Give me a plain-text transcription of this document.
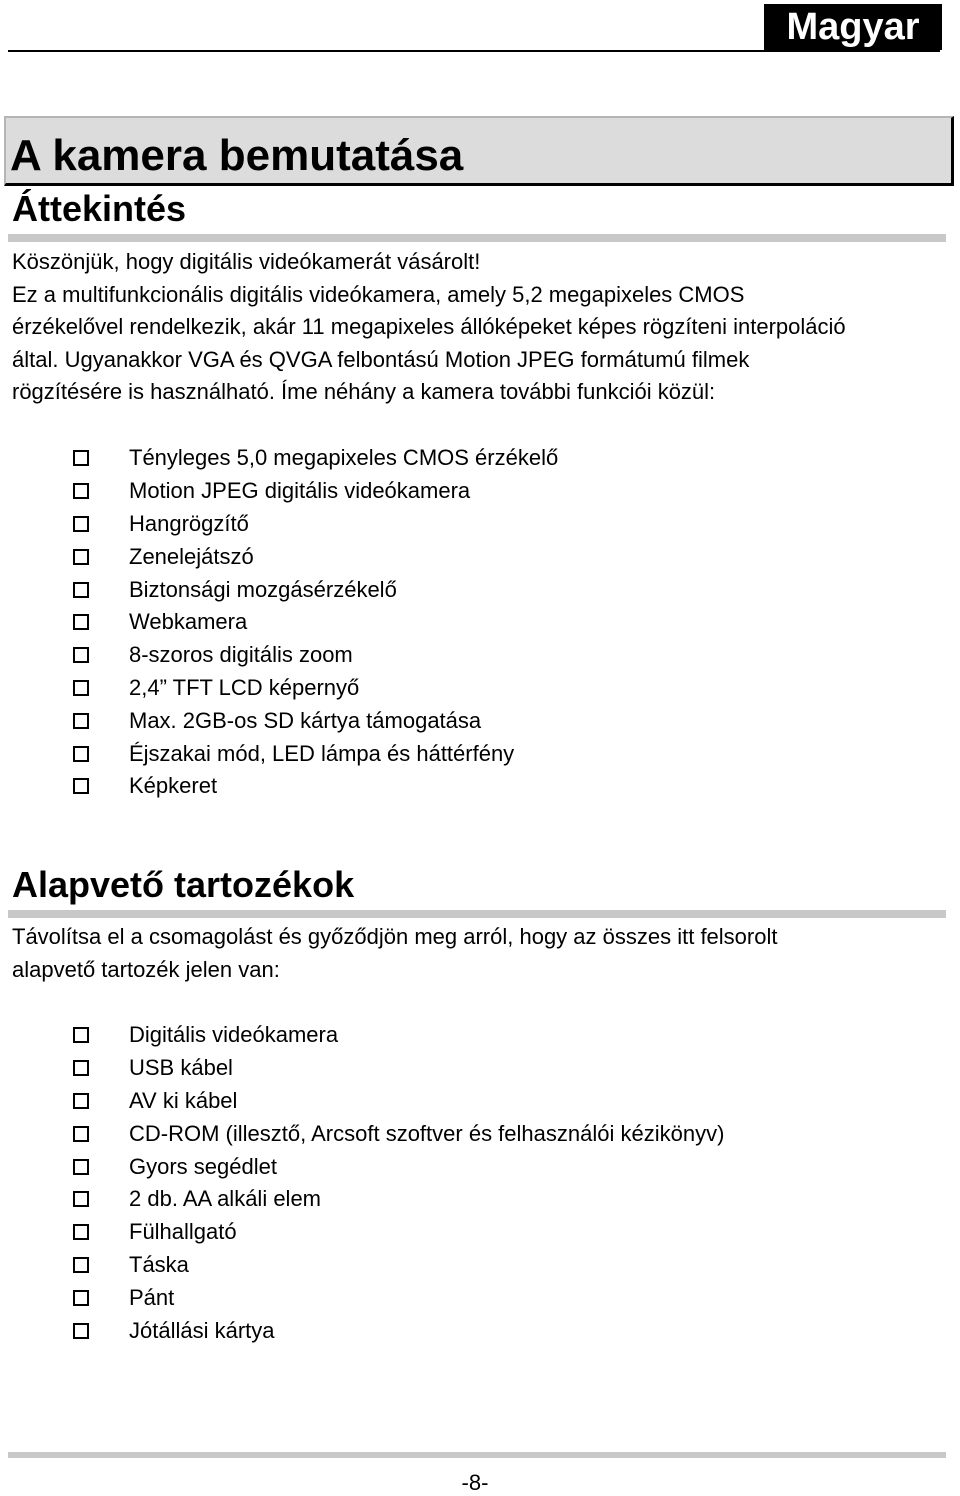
Magyar
A kamera bemutatása
Áttekintés

Köszönjük, hogy digitális videókamerát vásárolt!
Ez a multifunkcionális digitális videókamera, amely 5,2 megapixeles CMOS
érzékelővel rendelkezik, akár 11 megapixeles állóképeket képes rögzíteni interpoláció
által. Ugyanakkor VGA és QVGA felbontású Motion JPEG formátumú filmek
rögzítésére is használható. Íme néhány a kamera további funkciói közül:

Tényleges 5,0 megapixeles CMOS érzékelő
Motion JPEG digitális videókamera
Hangrögzítő
Zenelejátszó
Biztonsági mozgásérzékelő
Webkamera
8-szoros digitális zoom
2,4” TFT LCD képernyő
Max. 2GB-os SD kártya támogatása
Éjszakai mód, LED lámpa és háttérfény
Képkeret
Alapvető tartozékok

Távolítsa el a csomagolást és győződjön meg arról, hogy az összes itt felsorolt
alapvető tartozék jelen van:

Digitális videókamera
USB kábel
AV ki kábel
CD-ROM (illesztő, Arcsoft szoftver és felhasználói kézikönyv)
Gyors segédlet
2 db. AA alkáli elem
Fülhallgató
Táska
Pánt
Jótállási kártya
-8-
